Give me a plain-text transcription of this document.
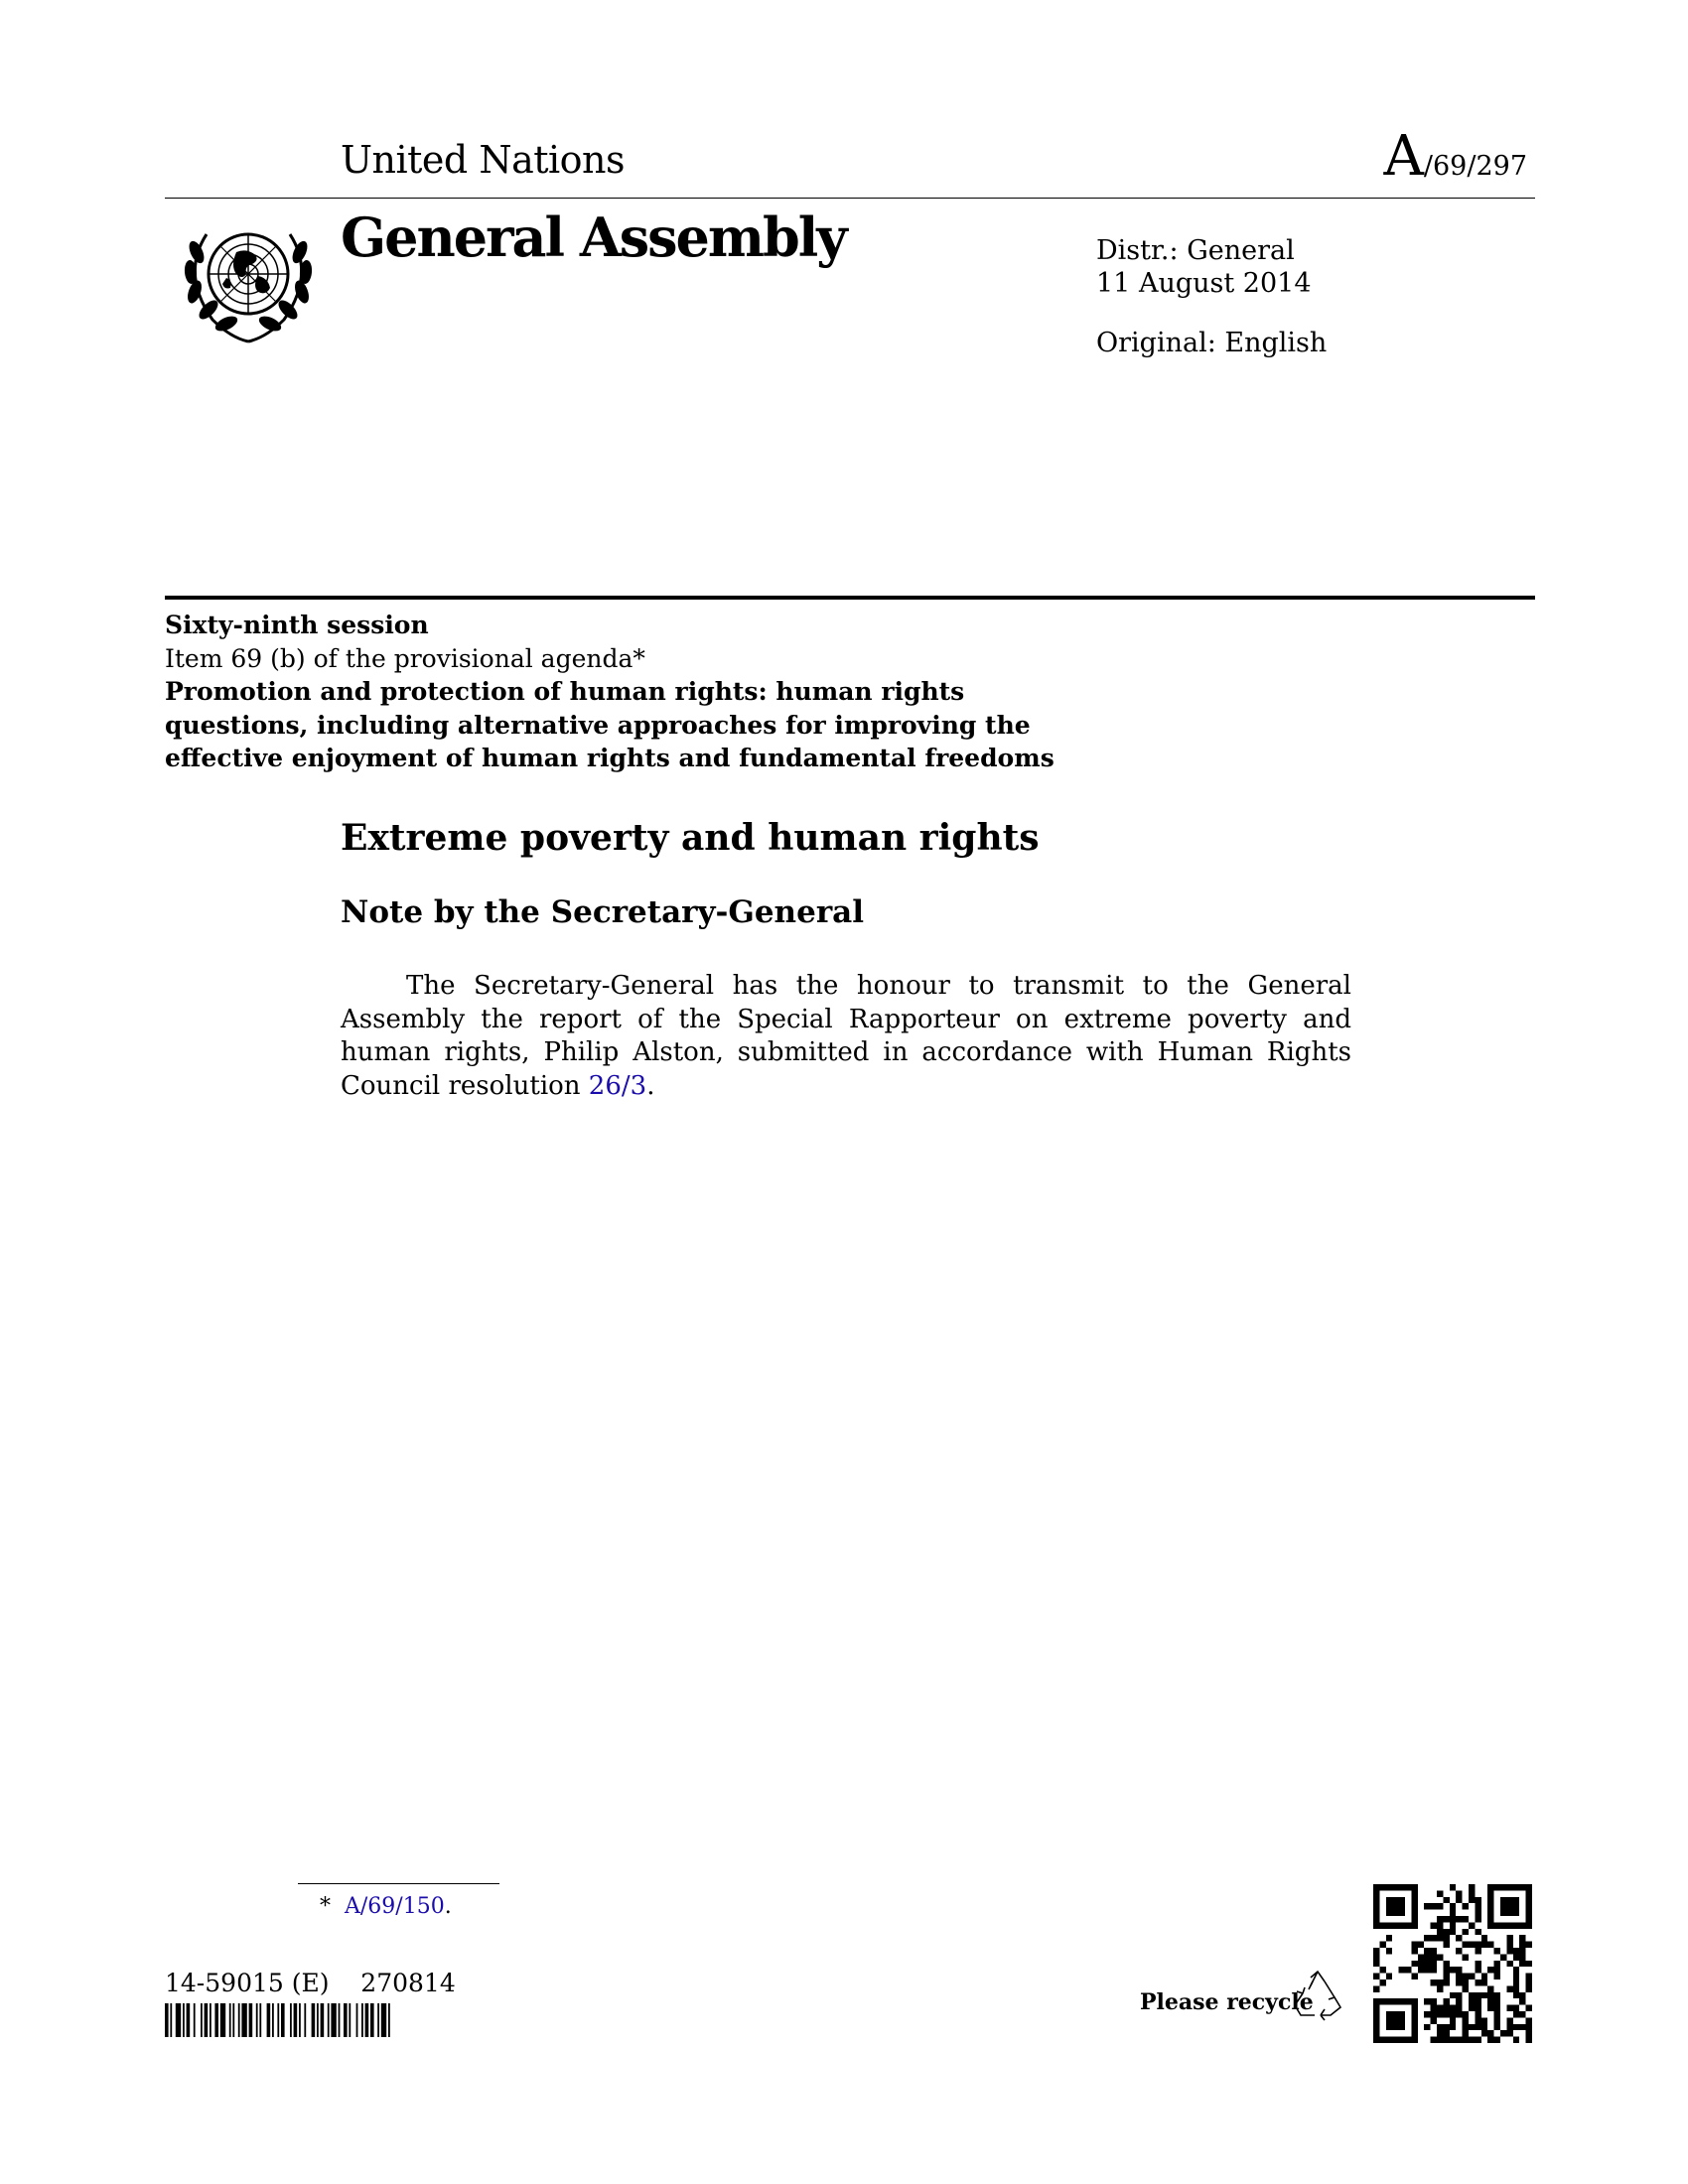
United Nations	A/69/297
General Assembly	Distr.: General
11 August 2014
Original: English
Sixty-ninth session
Item 69 (b) of the provisional agenda*
Promotion and protection of human rights: human rights
questions, including alternative approaches for improving the
effective enjoyment of human rights and fundamental freedoms
Extreme poverty and human rights
Note by the Secretary-General
The Secretary-General has the honour to transmit to the General Assembly the report of the Special Rapporteur on extreme poverty and human rights, Philip Alston, submitted in accordance with Human Rights Council resolution 26/3.
* A/69/150.
14-59015 (E) 270814
Please recycle
